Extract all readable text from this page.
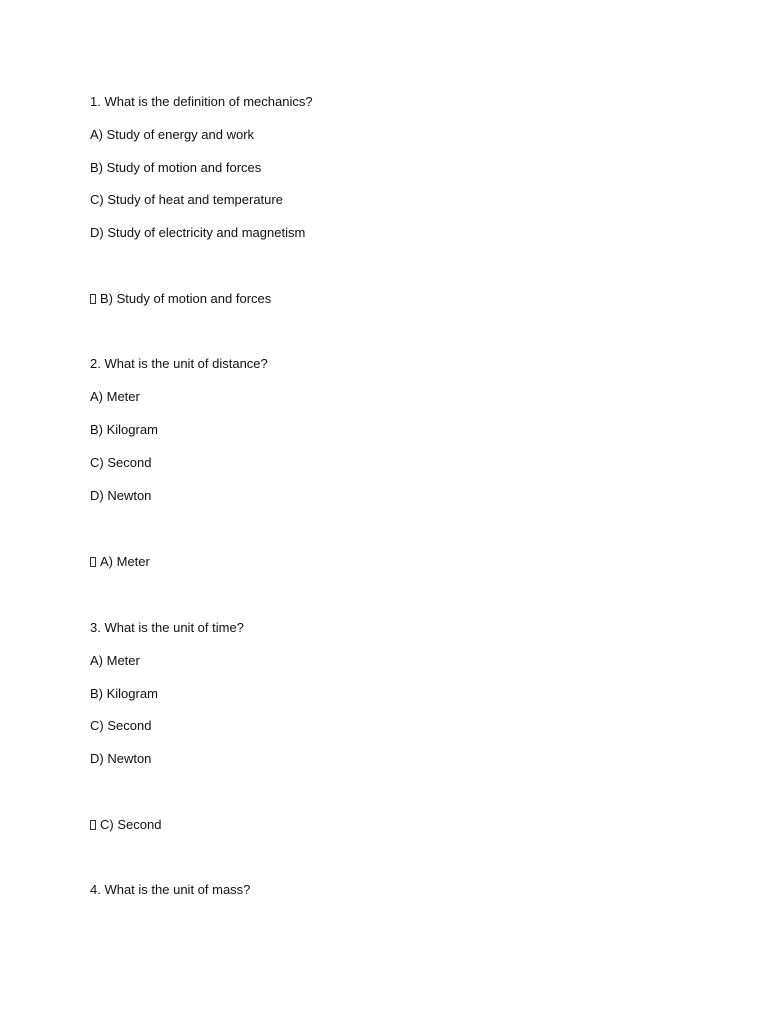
1. What is the definition of mechanics?
A) Study of energy and work
B) Study of motion and forces
C) Study of heat and temperature
D) Study of electricity and magnetism
B) Study of motion and forces
2. What is the unit of distance?
A) Meter
B) Kilogram
C) Second
D) Newton
A) Meter
3. What is the unit of time?
A) Meter
B) Kilogram
C) Second
D) Newton
C) Second
4. What is the unit of mass?
